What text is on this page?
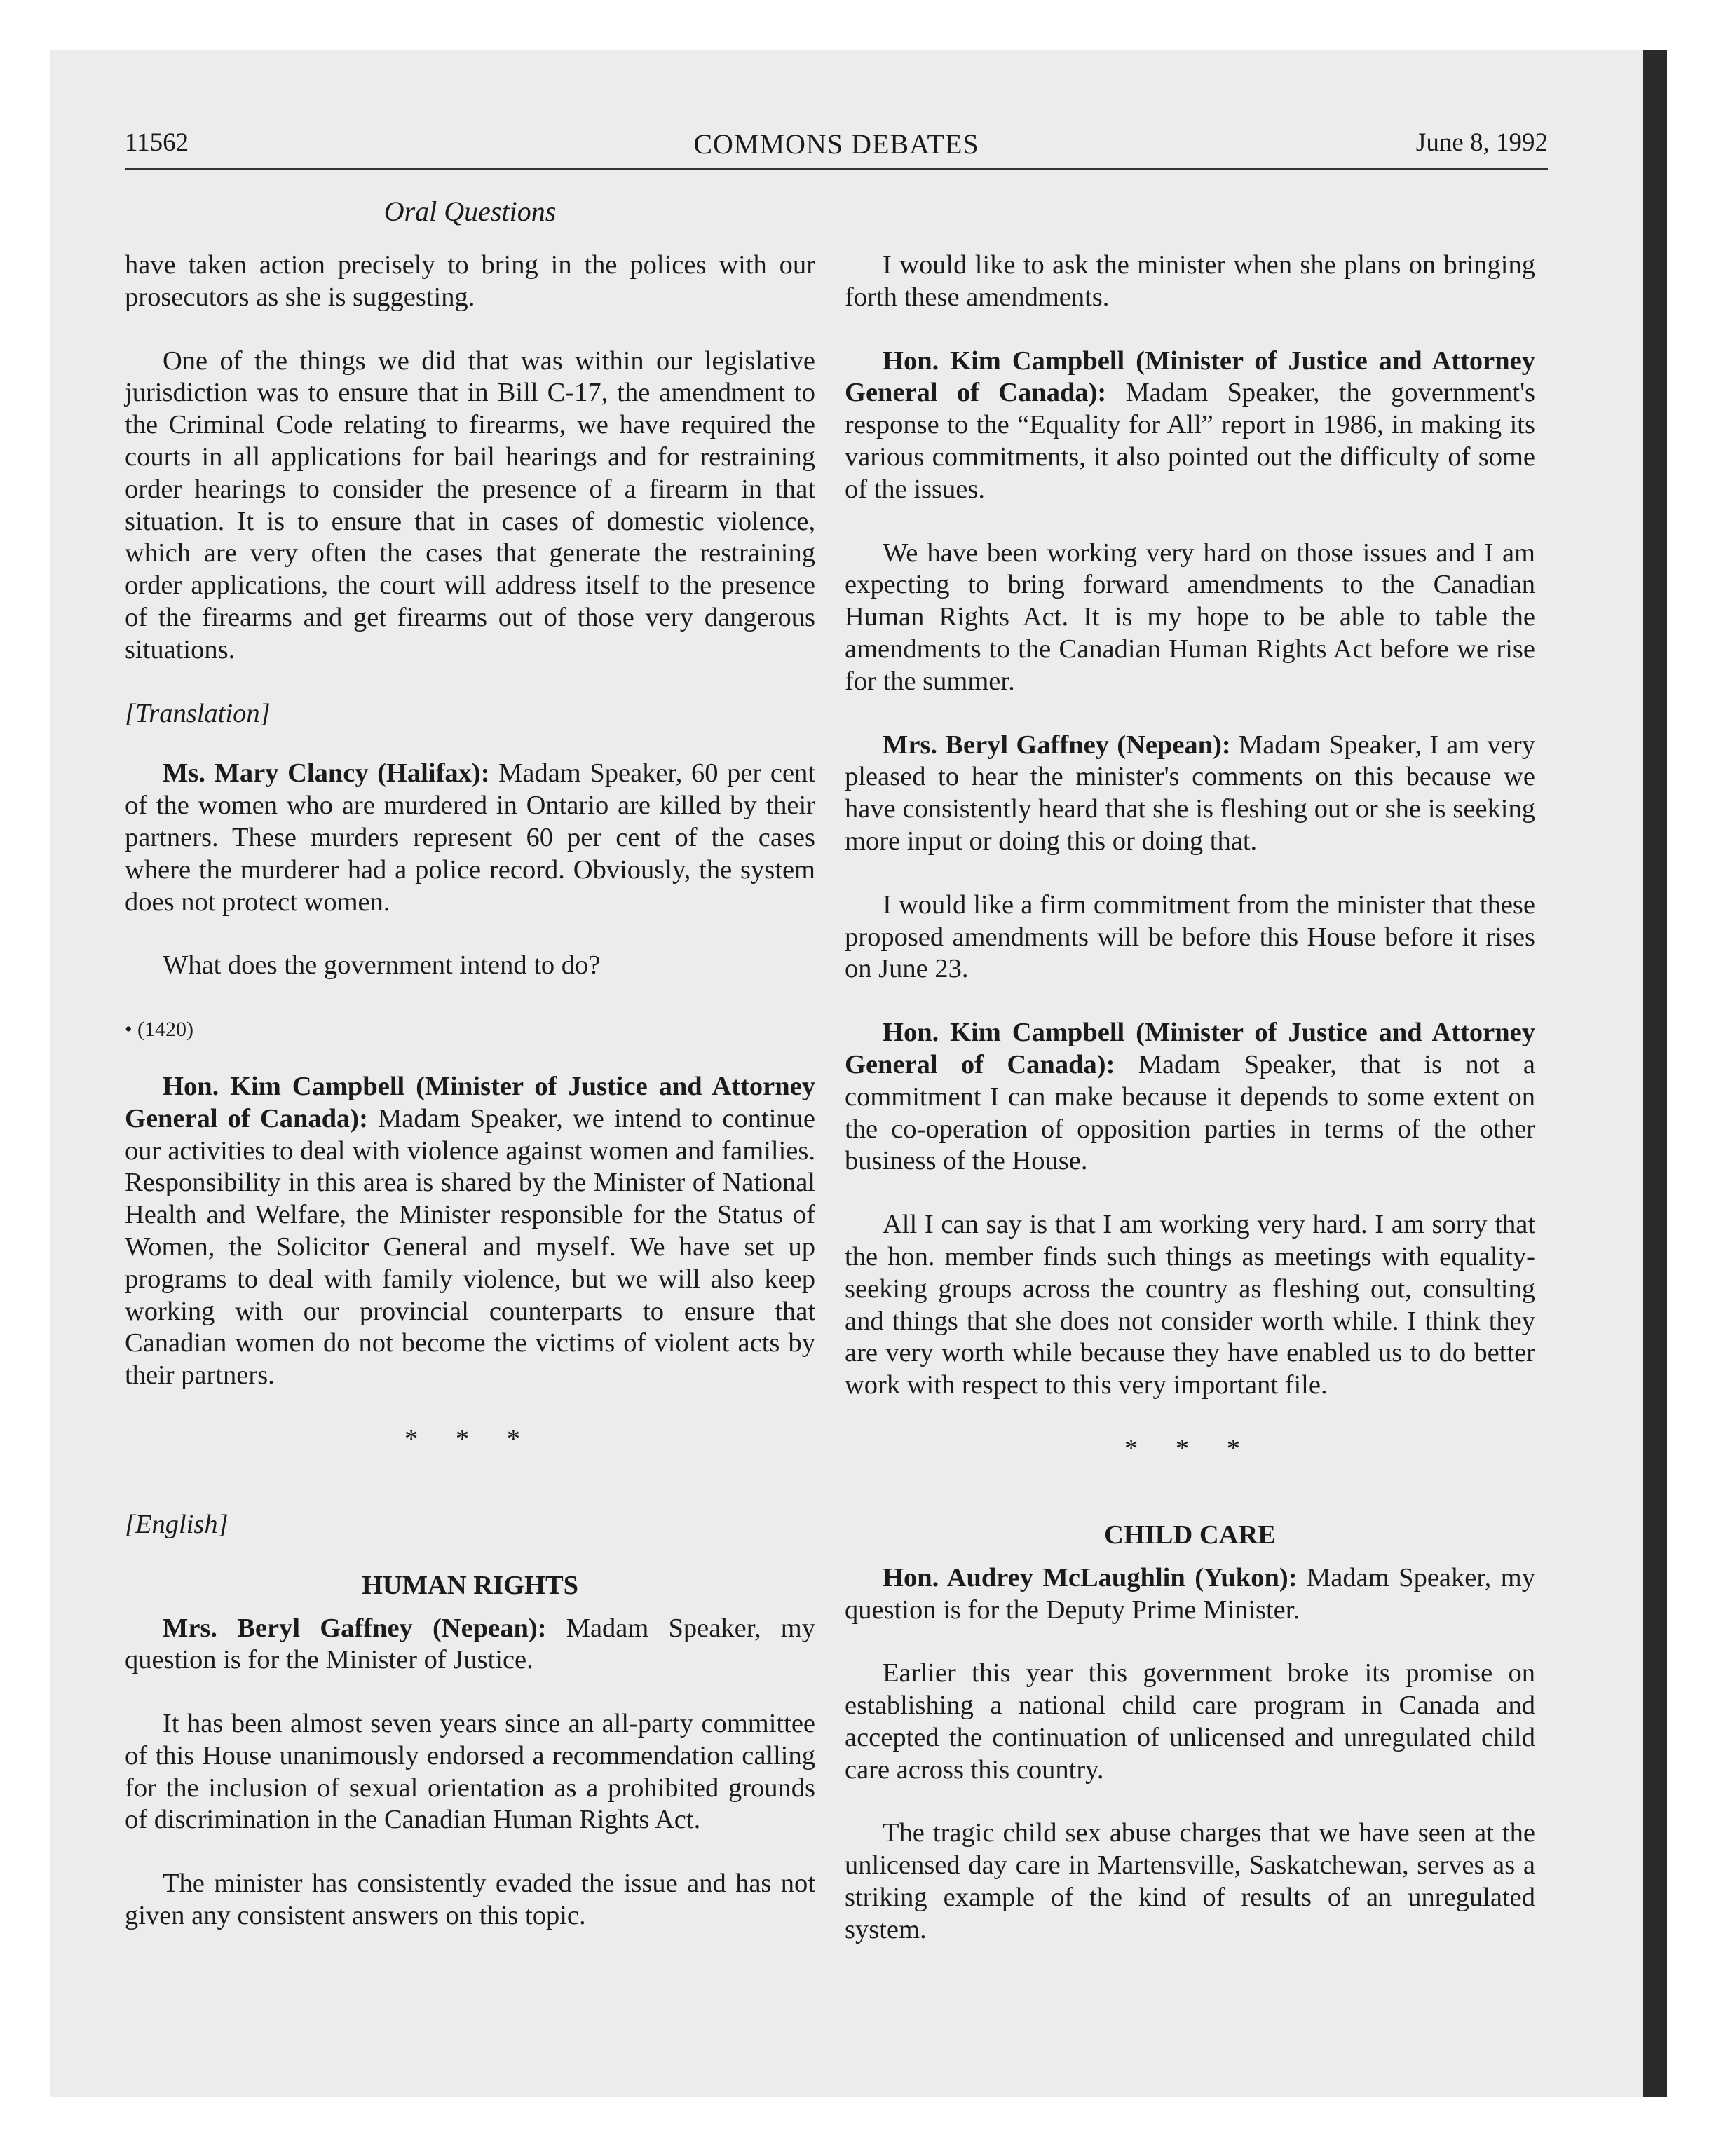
11562	COMMONS DEBATES	June 8, 1992
Oral Questions

have taken action precisely to bring in the polices with our prosecutors as she is suggesting.

One of the things we did that was within our legislative jurisdiction was to ensure that in Bill C-17, the amendment to the Criminal Code relating to firearms, we have required the courts in all applications for bail hearings and for restraining order hearings to consider the presence of a firearm in that situation. It is to ensure that in cases of domestic violence, which are very often the cases that generate the restraining order applications, the court will address itself to the presence of the firearms and get firearms out of those very dangerous situations.

[Translation]

Ms. Mary Clancy (Halifax): Madam Speaker, 60 per cent of the women who are murdered in Ontario are killed by their partners. These murders represent 60 per cent of the cases where the murderer had a police record. Obviously, the system does not protect women.

What does the government intend to do?

• (1420)

Hon. Kim Campbell (Minister of Justice and Attorney General of Canada): Madam Speaker, we intend to continue our activities to deal with violence against women and families. Responsibility in this area is shared by the Minister of National Health and Welfare, the Minister responsible for the Status of Women, the Solicitor General and myself. We have set up programs to deal with family violence, but we will also keep working with our provincial counterparts to ensure that Canadian women do not become the victims of violent acts by their partners.

* * *

[English]

HUMAN RIGHTS

Mrs. Beryl Gaffney (Nepean): Madam Speaker, my question is for the Minister of Justice.

It has been almost seven years since an all-party committee of this House unanimously endorsed a recommendation calling for the inclusion of sexual orientation as a prohibited grounds of discrimination in the Canadian Human Rights Act.

The minister has consistently evaded the issue and has not given any consistent answers on this topic.

I would like to ask the minister when she plans on bringing forth these amendments.

Hon. Kim Campbell (Minister of Justice and Attorney General of Canada): Madam Speaker, the government's response to the “Equality for All” report in 1986, in making its various commitments, it also pointed out the difficulty of some of the issues.

We have been working very hard on those issues and I am expecting to bring forward amendments to the Canadian Human Rights Act. It is my hope to be able to table the amendments to the Canadian Human Rights Act before we rise for the summer.

Mrs. Beryl Gaffney (Nepean): Madam Speaker, I am very pleased to hear the minister's comments on this because we have consistently heard that she is fleshing out or she is seeking more input or doing this or doing that.

I would like a firm commitment from the minister that these proposed amendments will be before this House before it rises on June 23.

Hon. Kim Campbell (Minister of Justice and Attorney General of Canada): Madam Speaker, that is not a commitment I can make because it depends to some extent on the co-operation of opposition parties in terms of the other business of the House.

All I can say is that I am working very hard. I am sorry that the hon. member finds such things as meetings with equality-seeking groups across the country as fleshing out, consulting and things that she does not consider worth while. I think they are very worth while because they have enabled us to do better work with respect to this very important file.

* * *

CHILD CARE

Hon. Audrey McLaughlin (Yukon): Madam Speaker, my question is for the Deputy Prime Minister.

Earlier this year this government broke its promise on establishing a national child care program in Canada and accepted the continuation of unlicensed and unregulated child care across this country.

The tragic child sex abuse charges that we have seen at the unlicensed day care in Martensville, Saskatchewan, serves as a striking example of the kind of results of an unregulated system.
